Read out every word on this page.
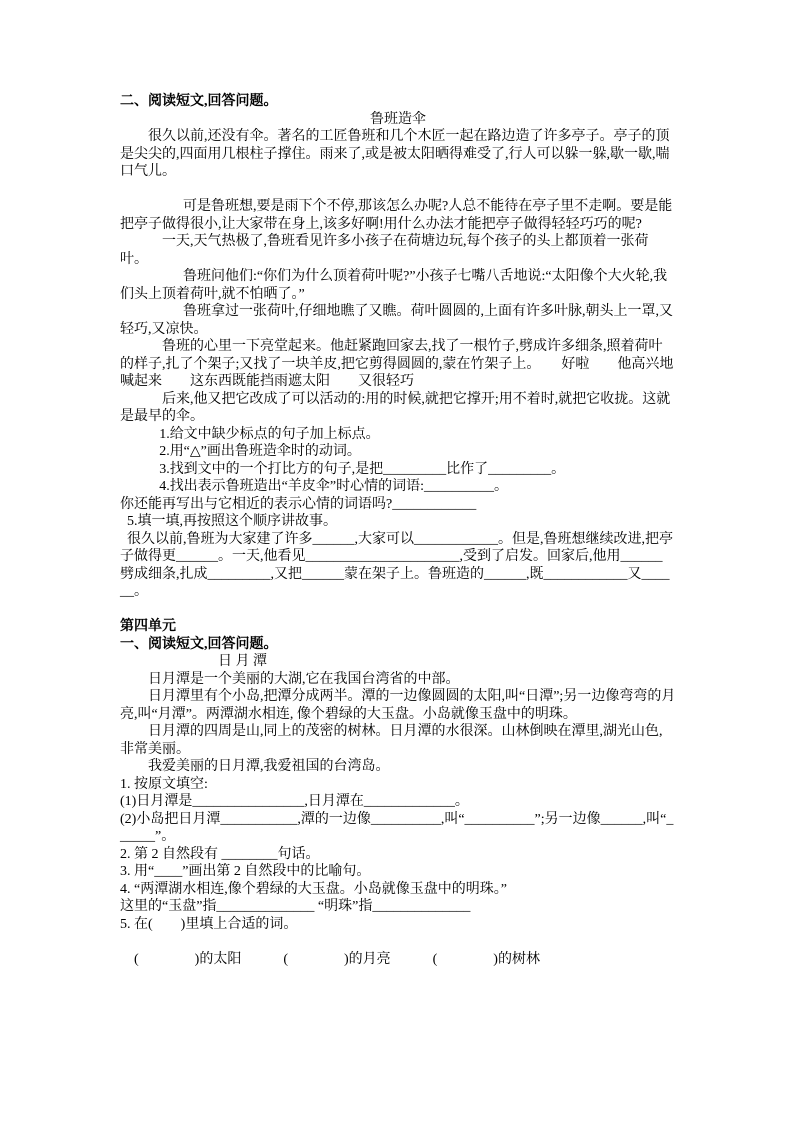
二、阅读短文,回答问题。
鲁班造伞

很久以前,还没有伞。著名的工匠鲁班和几个木匠一起在路边造了许多亭子。亭子的顶是尖尖的,四面用几根柱子撑住。雨来了,或是被太阳晒得难受了,行人可以躲一躲,歇一歇,喘口气儿。

可是鲁班想,要是雨下个不停,那该怎么办呢?人总不能待在亭子里不走啊。要是能把亭子做得很小,让大家带在身上,该多好啊!用什么办法才能把亭子做得轻轻巧巧的呢?

一天,天气热极了,鲁班看见许多小孩子在荷塘边玩,每个孩子的头上都顶着一张荷叶。

鲁班问他们:“你们为什么顶着荷叶呢?”小孩子七嘴八舌地说:“太阳像个大火轮,我们头上顶着荷叶,就不怕晒了。”

鲁班拿过一张荷叶,仔细地瞧了又瞧。荷叶圆圆的,上面有许多叶脉,朝头上一罩,又轻巧,又凉快。

鲁班的心里一下亮堂起来。他赶紧跑回家去,找了一根竹子,劈成许多细条,照着荷叶的样子,扎了个架子;又找了一块羊皮,把它剪得圆圆的,蒙在竹架子上。　　好啦　　他高兴地喊起来　　这东西既能挡雨遮太阳　　又很轻巧

后来,他又把它改成了可以活动的:用的时候,就把它撑开;用不着时,就把它收拢。这就是最早的伞。

1.给文中缺少标点的句子加上标点。

2.用“△”画出鲁班造伞时的动词。

3.找到文中的一个打比方的句子,是把_________比作了_________。

4.找出表示鲁班造出“羊皮伞”时心情的词语:__________。

你还能再写出与它相近的表示心情的词语吗?____________

5.填一填,再按照这个顺序讲故事。

很久以前,鲁班为大家建了许多______,大家可以____________。但是,鲁班想继续改进,把亭子做得更______。一天,他看见______________________,受到了启发。回家后,他用______劈成细条,扎成_________,又把______蒙在架子上。鲁班造的______,既____________又______。

第四单元
一、阅读短文,回答问题。
日 月 潭

日月潭是一个美丽的大湖,它在我国台湾省的中部。

日月潭里有个小岛,把潭分成两半。潭的一边像圆圆的太阳,叫“日潭”;另一边像弯弯的月亮,叫“月潭”。两潭湖水相连, 像个碧绿的大玉盘。小岛就像玉盘中的明珠。

日月潭的四周是山,同上的茂密的树林。日月潭的水很深。山林倒映在潭里,湖光山色,非常美丽。

我爱美丽的日月潭,我爱祖国的台湾岛。

1. 按原文填空:

(1)日月潭是________________,日月潭在_____________。

(2)小岛把日月潭___________,潭的一边像__________,叫“__________”;另一边像______,叫“______”。

2. 第 2 自然段有 ________句话。

3. 用“____”画出第 2 自然段中的比喻句。

4. “两潭湖水相连,像个碧绿的大玉盘。小岛就像玉盘中的明珠。”

这里的“玉盘”指______________ “明珠”指______________

5. 在(　　)里填上合适的词。

(　　　　)的太阳　　　(　　　　)的月亮　　　(　　　　)的树林
